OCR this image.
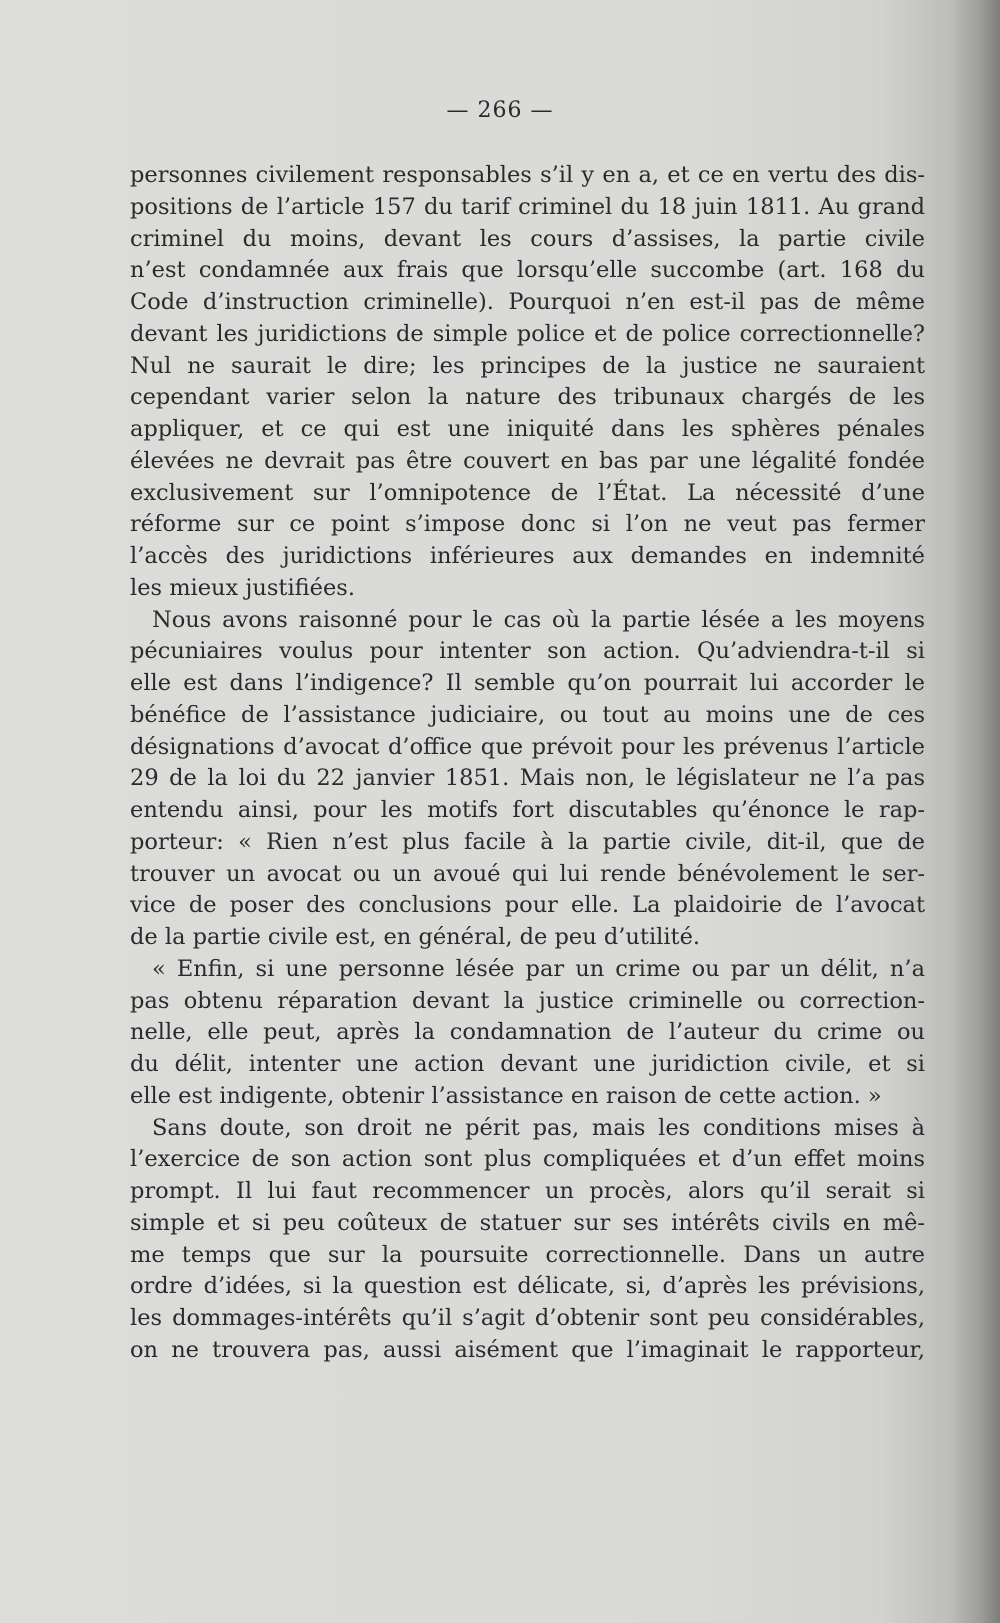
— 266 —
personnes civilement responsables s’il y en a, et ce en vertu des dis-
positions de l’article 157 du tarif criminel du 18 juin 1811. Au grand
criminel du moins, devant les cours d’assises, la partie civile
n’est condamnée aux frais que lorsqu’elle succombe (art. 168 du
Code d’instruction criminelle). Pourquoi n’en est-il pas de même
devant les juridictions de simple police et de police correctionnelle?
Nul ne saurait le dire; les principes de la justice ne sauraient
cependant varier selon la nature des tribunaux chargés de les
appliquer, et ce qui est une iniquité dans les sphères pénales
élevées ne devrait pas être couvert en bas par une légalité fondée
exclusivement sur l’omnipotence de l’État. La nécessité d’une
réforme sur ce point s’impose donc si l’on ne veut pas fermer
l’accès des juridictions inférieures aux demandes en indemnité
les mieux justifiées.
Nous avons raisonné pour le cas où la partie lésée a les moyens
pécuniaires voulus pour intenter son action. Qu’adviendra-t-il si
elle est dans l’indigence? Il semble qu’on pourrait lui accorder le
bénéfice de l’assistance judiciaire, ou tout au moins une de ces
désignations d’avocat d’office que prévoit pour les prévenus l’article
29 de la loi du 22 janvier 1851. Mais non, le législateur ne l’a pas
entendu ainsi, pour les motifs fort discutables qu’énonce le rap-
porteur: « Rien n’est plus facile à la partie civile, dit-il, que de
trouver un avocat ou un avoué qui lui rende bénévolement le ser-
vice de poser des conclusions pour elle. La plaidoirie de l’avocat
de la partie civile est, en général, de peu d’utilité.
« Enfin, si une personne lésée par un crime ou par un délit, n’a
pas obtenu réparation devant la justice criminelle ou correction-
nelle, elle peut, après la condamnation de l’auteur du crime ou
du délit, intenter une action devant une juridiction civile, et si
elle est indigente, obtenir l’assistance en raison de cette action. »
Sans doute, son droit ne périt pas, mais les conditions mises à
l’exercice de son action sont plus compliquées et d’un effet moins
prompt. Il lui faut recommencer un procès, alors qu’il serait si
simple et si peu coûteux de statuer sur ses intérêts civils en mê-
me temps que sur la poursuite correctionnelle. Dans un autre
ordre d’idées, si la question est délicate, si, d’après les prévisions,
les dommages-intérêts qu’il s’agit d’obtenir sont peu considérables,
on ne trouvera pas, aussi aisément que l’imaginait le rapporteur,
